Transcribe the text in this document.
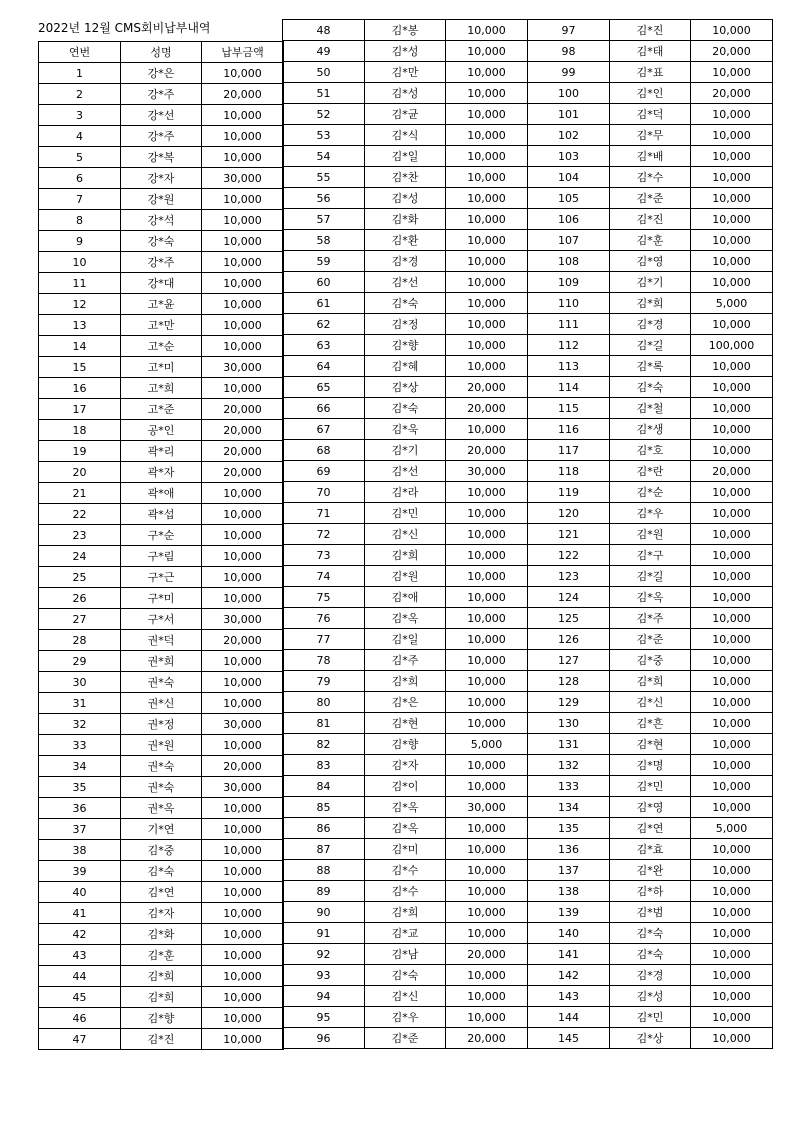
2022년 12월 CMS회비납부내역
연번	성명	납부금액
1	강*은	10,000
2	강*주	20,000
3	강*선	10,000
4	강*주	10,000
5	강*복	10,000
6	강*자	30,000
7	강*원	10,000
8	강*석	10,000
9	강*숙	10,000
10	강*주	10,000
11	강*대	10,000
12	고*윤	10,000
13	고*만	10,000
14	고*순	10,000
15	고*미	30,000
16	고*희	10,000
17	고*준	20,000
18	공*인	20,000
19	곽*리	20,000
20	곽*자	20,000
21	곽*애	10,000
22	곽*섭	10,000
23	구*순	10,000
24	구*림	10,000
25	구*근	10,000
26	구*미	10,000
27	구*서	30,000
28	권*덕	20,000
29	권*희	10,000
30	권*숙	10,000
31	권*신	10,000
32	권*정	30,000
33	권*원	10,000
34	권*숙	20,000
35	권*숙	30,000
36	권*옥	10,000
37	기*연	10,000
38	김*중	10,000
39	김*숙	10,000
40	김*연	10,000
41	김*자	10,000
42	김*화	10,000
43	김*훈	10,000
44	김*희	10,000
45	김*희	10,000
46	김*향	10,000
47	김*진	10,000
48	김*봉	10,000
49	김*성	10,000
50	김*만	10,000
51	김*성	10,000
52	김*균	10,000
53	김*식	10,000
54	김*일	10,000
55	김*찬	10,000
56	김*성	10,000
57	김*화	10,000
58	김*환	10,000
59	김*경	10,000
60	김*선	10,000
61	김*숙	10,000
62	김*정	10,000
63	김*향	10,000
64	김*혜	10,000
65	김*상	20,000
66	김*숙	20,000
67	김*욱	10,000
68	김*기	20,000
69	김*선	30,000
70	김*라	10,000
71	김*민	10,000
72	김*신	10,000
73	김*희	10,000
74	김*원	10,000
75	김*애	10,000
76	김*옥	10,000
77	김*일	10,000
78	김*주	10,000
79	김*희	10,000
80	김*은	10,000
81	김*현	10,000
82	김*향	5,000
83	김*자	10,000
84	김*이	10,000
85	김*옥	30,000
86	김*옥	10,000
87	김*미	10,000
88	김*수	10,000
89	김*수	10,000
90	김*희	10,000
91	김*교	10,000
92	김*남	20,000
93	김*숙	10,000
94	김*신	10,000
95	김*우	10,000
96	김*준	20,000
97	김*진	10,000
98	김*태	20,000
99	김*표	10,000
100	김*인	20,000
101	김*덕	10,000
102	김*무	10,000
103	김*배	10,000
104	김*수	10,000
105	김*준	10,000
106	김*진	10,000
107	김*훈	10,000
108	김*영	10,000
109	김*기	10,000
110	김*희	5,000
111	김*경	10,000
112	김*길	100,000
113	김*록	10,000
114	김*숙	10,000
115	김*철	10,000
116	김*생	10,000
117	김*호	10,000
118	김*란	20,000
119	김*순	10,000
120	김*우	10,000
121	김*원	10,000
122	김*구	10,000
123	김*길	10,000
124	김*옥	10,000
125	김*주	10,000
126	김*준	10,000
127	김*중	10,000
128	김*희	10,000
129	김*신	10,000
130	김*흔	10,000
131	김*현	10,000
132	김*명	10,000
133	김*민	10,000
134	김*영	10,000
135	김*연	5,000
136	김*효	10,000
137	김*완	10,000
138	김*하	10,000
139	김*범	10,000
140	김*숙	10,000
141	김*숙	10,000
142	김*경	10,000
143	김*성	10,000
144	김*민	10,000
145	김*상	10,000
